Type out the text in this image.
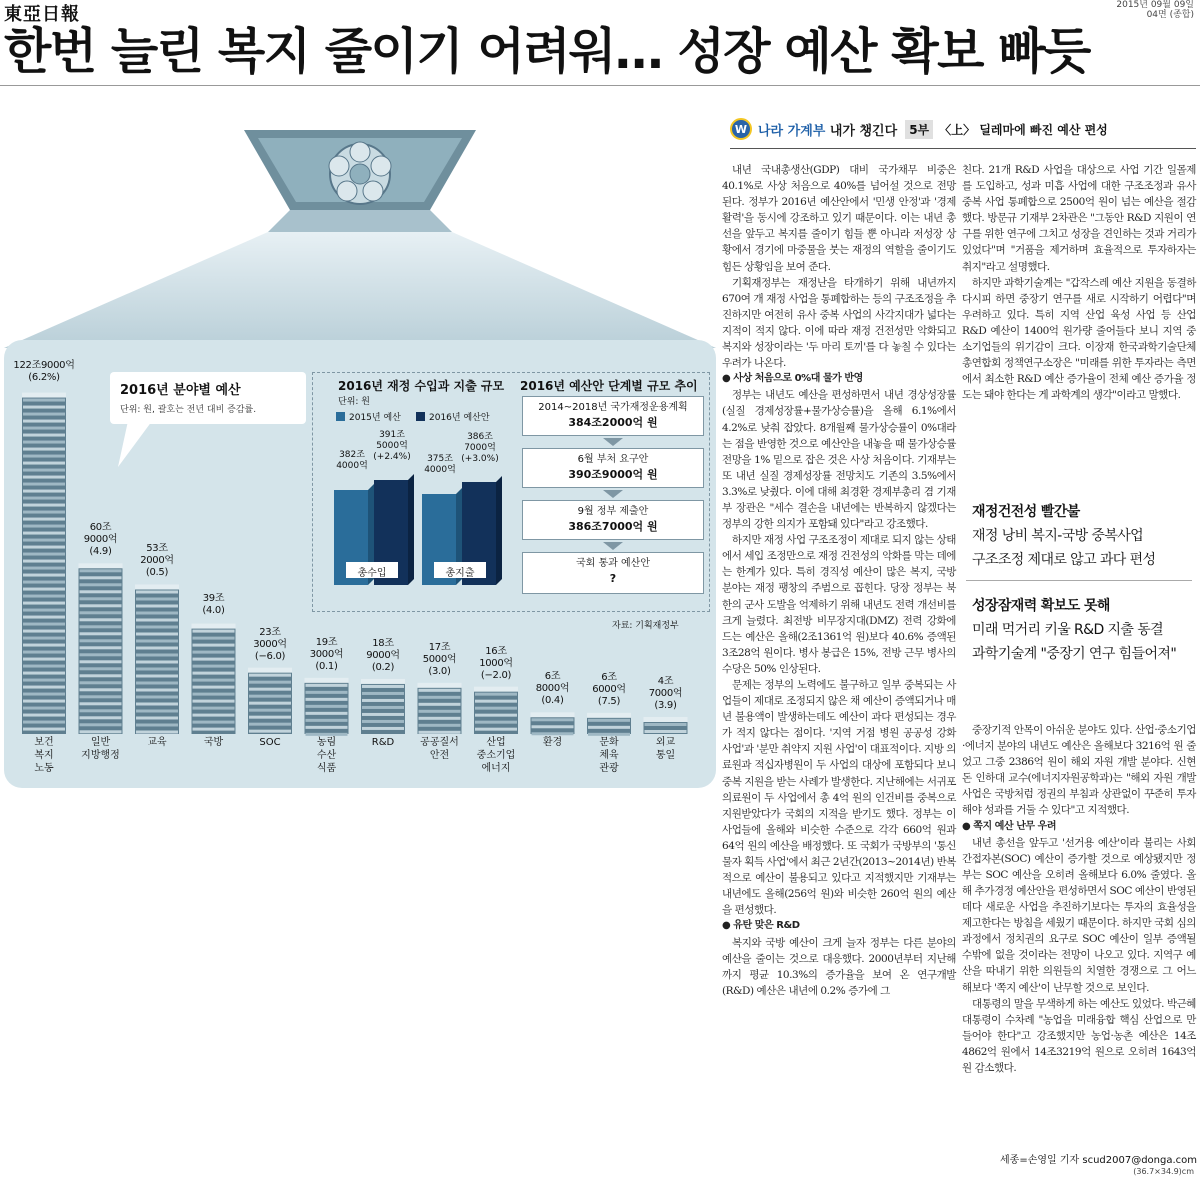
東亞日報	2015년 09월 09일
04면 (종합)
한번 늘린 복지 줄이기 어려워… 성장 예산 확보 빠듯
122조9000억
(6.2%)
60조
9000억
(4.9)	53조
2000억
(0.5)
39조
(4.0)
23조
3000억
(−6.0)
19조
3000억
(0.1)
18조
9000억
(0.2)
17조
5000억
(3.0)
16조
1000억
(−2.0)	6조
8000억
(0.4)
6조
6000억
(7.5)
4조
7000억
(3.9)
보건
복지
노동
일반
지방행정
교육	국방	SOC	농림
수산
식품
R&D	공공질서
안전
산업
중소기업
에너지
환경	문화
체육
관광
외교
통일
2016년 분야별 예산
단위: 원, 괄호는 전년 대비 증감률.
2016년 재정 수입과 지출 규모
단위: 원
2015년 예산	2016년 예산안
총수입	총지출
382조 4000억
391조 5000억 (+2.4%)	375조 4000억
386조 7000억 (+3.0%)
2016년 예산안 단계별 규모 추이
2014~2018년 국가재정운용계획
384조2000억 원
6월 부처 요구안
390조9000억 원
9월 정부 제출안
386조7000억 원
국회 통과 예산안
?
자료: 기획재정부
W 나라 가계부 내가 챙긴다	5부 〈上〉 딜레마에 빠진 예산 편성

내년 국내총생산(GDP) 대비 국가채무 비중은 40.1%로 사상 처음으로 40%를 넘어설 것으로 전망된다. 정부가 2016년 예산안에서 '민생 안정'과 '경제 활력'을 동시에 강조하고 있기 때문이다. 이는 내년 총선을 앞두고 복지를 줄이기 힘들 뿐 아니라 저성장 상황에서 경기에 마중물을 붓는 재정의 역할을 줄이기도 힘든 상황임을 보여 준다.

기획재정부는 재정난을 타개하기 위해 내년까지 670여 개 재정 사업을 통폐합하는 등의 구조조정을 추진하지만 여전히 유사 중복 사업의 사각지대가 넓다는 지적이 적지 않다. 이에 따라 재정 건전성만 악화되고 복지와 성장이라는 '두 마리 토끼'를 다 놓칠 수 있다는 우려가 나온다.

● 사상 처음으로 0%대 물가 반영

정부는 내년도 예산을 편성하면서 내년 경상성장률(실질 경제성장률+물가상승률)을 올해 6.1%에서 4.2%로 낮춰 잡았다. 8개월째 물가상승률이 0%대라는 점을 반영한 것으로 예산안을 내놓을 때 물가상승률 전망을 1% 밑으로 잡은 것은 사상 처음이다. 기재부는 또 내년 실질 경제성장률 전망치도 기존의 3.5%에서 3.3%로 낮췄다. 이에 대해 최경환 경제부총리 겸 기재부 장관은 "세수 결손을 내년에는 반복하지 않겠다는 정부의 강한 의지가 포함돼 있다"라고 강조했다.

하지만 재정 사업 구조조정이 제대로 되지 않는 상태에서 세입 조정만으로 재정 건전성의 악화를 막는 데에는 한계가 있다. 특히 경직성 예산이 많은 복지, 국방 분야는 재정 팽창의 주범으로 꼽힌다. 당장 정부는 북한의 군사 도발을 억제하기 위해 내년도 전력 개선비를 크게 늘렸다. 최전방 비무장지대(DMZ) 전력 강화에 드는 예산은 올해(2조1361억 원)보다 40.6% 증액된 3조28억 원이다. 병사 봉급은 15%, 전방 근무 병사의 수당은 50% 인상된다.

문제는 정부의 노력에도 불구하고 일부 중복되는 사업들이 제대로 조정되지 않은 채 예산이 증액되거나 매년 불용액이 발생하는데도 예산이 과다 편성되는 경우가 적지 않다는 점이다. '지역 거점 병원 공공성 강화 사업'과 '분만 취약지 지원 사업'이 대표적이다. 지방 의료원과 적십자병원이 두 사업의 대상에 포함되다 보니 중복 지원을 받는 사례가 발생한다. 지난해에는 서귀포의료원이 두 사업에서 총 4억 원의 인건비를 중복으로 지원받았다가 국회의 지적을 받기도 했다. 정부는 이 사업들에 올해와 비슷한 수준으로 각각 660억 원과 64억 원의 예산을 배정했다. 또 국회가 국방부의 '통신물자 획득 사업'에서 최근 2년간(2013~2014년) 반복적으로 예산이 불용되고 있다고 지적했지만 기재부는 내년에도 올해(256억 원)와 비슷한 260억 원의 예산을 편성했다.

● 유탄 맞은 R&D

복지와 국방 예산이 크게 늘자 정부는 다른 분야의 예산을 줄이는 것으로 대응했다. 2000년부터 지난해까지 평균 10.3%의 증가율을 보여 온 연구개발(R&D) 예산은 내년에 0.2% 증가에 그

친다. 21개 R&D 사업을 대상으로 사업 기간 일몰제를 도입하고, 성과 미흡 사업에 대한 구조조정과 유사 중복 사업 통폐합으로 2500억 원이 넘는 예산을 절감했다. 방문규 기재부 2차관은 "그동안 R&D 지원이 연구를 위한 연구에 그치고 성장을 견인하는 것과 거리가 있었다"며 "거품을 제거하며 효율적으로 투자하자는 취지"라고 설명했다.

하지만 과학기술계는 "갑작스레 예산 지원을 동결하다시피 하면 중장기 연구를 새로 시작하기 어렵다"며 우려하고 있다. 특히 지역 산업 육성 사업 등 산업 R&D 예산이 1400억 원가량 줄어들다 보니 지역 중소기업들의 위기감이 크다. 이장재 한국과학기술단체총연합회 정책연구소장은 "미래를 위한 투자라는 측면에서 최소한 R&D 예산 증가율이 전체 예산 증가율 정도는 돼야 한다는 게 과학계의 생각"이라고 말했다.

재정건전성 빨간불
재정 낭비 복지-국방 중복사업
구조조정 제대로 않고 과다 편성
성장잠재력 확보도 못해
미래 먹거리 키울 R&D 지출 동결
과학기술계 "중장기 연구 힘들어져"

중장기적 안목이 아쉬운 분야도 있다. 산업·중소기업·에너지 분야의 내년도 예산은 올해보다 3216억 원 줄었고 그중 2386억 원이 해외 자원 개발 분야다. 신현돈 인하대 교수(에너지자원공학과)는 "해외 자원 개발 사업은 국방처럼 정권의 부침과 상관없이 꾸준히 투자해야 성과를 거둘 수 있다"고 지적했다.

● 쪽지 예산 난무 우려

내년 총선을 앞두고 '선거용 예산'이라 불리는 사회간접자본(SOC) 예산이 증가할 것으로 예상됐지만 정부는 SOC 예산을 오히려 올해보다 6.0% 줄였다. 올해 추가경정 예산안을 편성하면서 SOC 예산이 반영된 데다 새로운 사업을 추진하기보다는 투자의 효율성을 제고한다는 방침을 세웠기 때문이다. 하지만 국회 심의 과정에서 정치권의 요구로 SOC 예산이 일부 증액될 수밖에 없을 것이라는 전망이 나오고 있다. 지역구 예산을 따내기 위한 의원들의 치열한 경쟁으로 그 어느 해보다 '쪽지 예산'이 난무할 것으로 보인다.

대통령의 말을 무색하게 하는 예산도 있었다. 박근혜 대통령이 수차례 "농업을 미래융합 핵심 산업으로 만들어야 한다"고 강조했지만 농업·농촌 예산은 14조4862억 원에서 14조3219억 원으로 오히려 1643억 원 감소했다.

세종=손영일 기자 scud2007@donga.com
(36.7×34.9)cm
